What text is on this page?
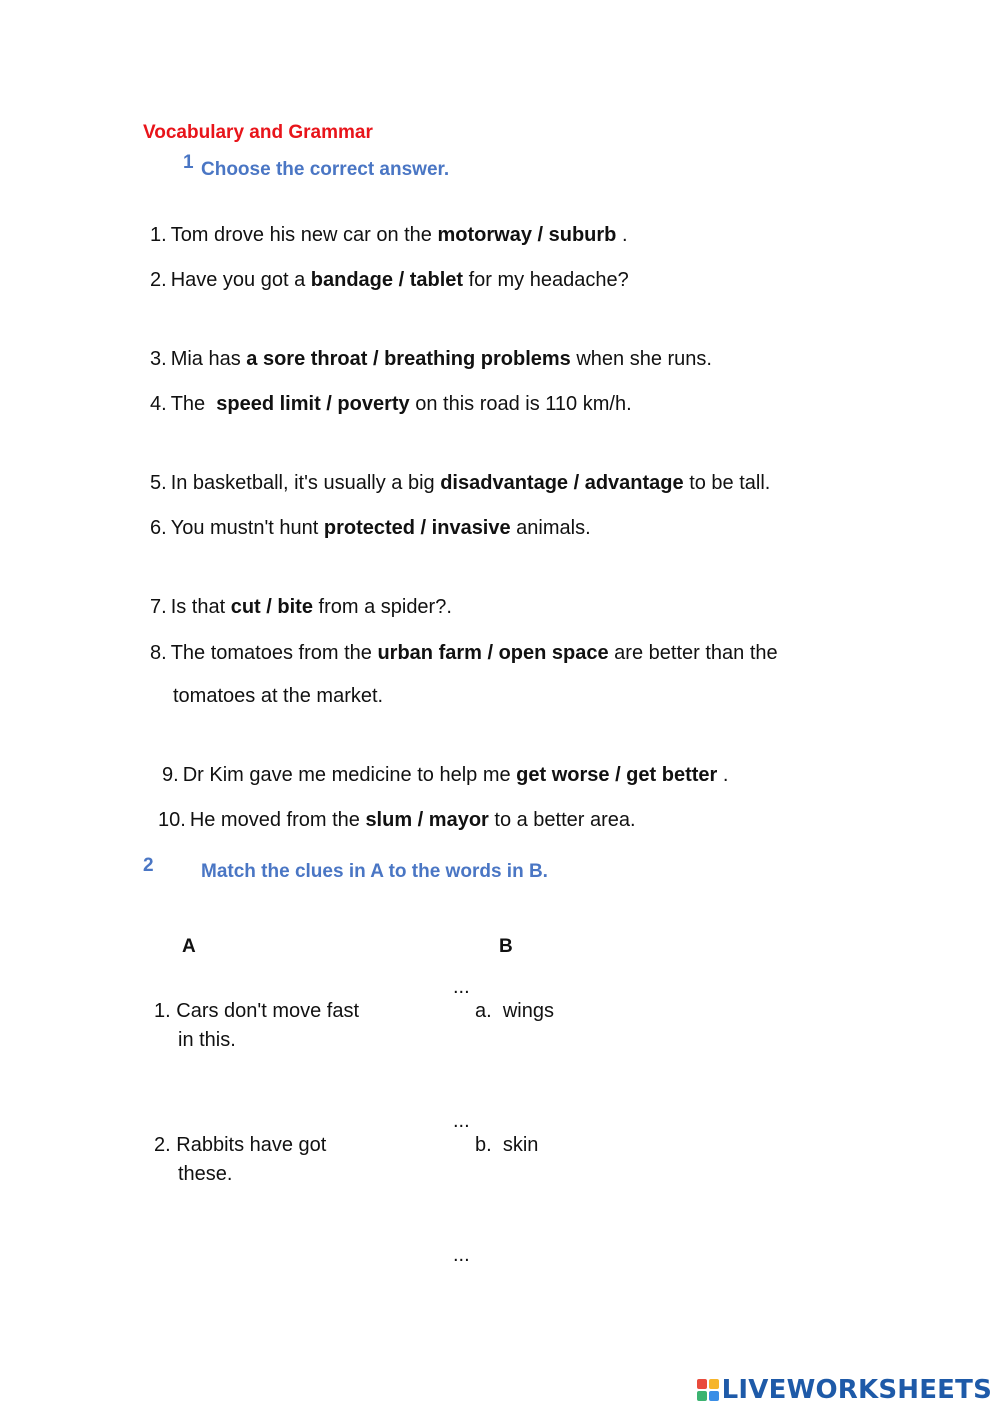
Vocabulary and Grammar
1 Choose the correct answer.
1. Tom drove his new car on the motorway / suburb .
2. Have you got a bandage / tablet for my headache?
3. Mia has a sore throat / breathing problems when she runs.
4. The  speed limit / poverty on this road is 110 km/h.
5. In basketball, it's usually a big disadvantage / advantage to be tall.
6. You mustn't hunt protected / invasive animals.
7. Is that cut / bite from a spider?.
8. The tomatoes from the urban farm / open space are better than the
tomatoes at the market.
9. Dr Kim gave me medicine to help me get worse / get better .
10. He moved from the slum / mayor to a better area.
2 Match the clues in A to the words in B.
A	B
...
1. Cars don't move fast
in this.
a. wings
...
2. Rabbits have got
these.
b. skin
...
LIVEWORKSHEETS
